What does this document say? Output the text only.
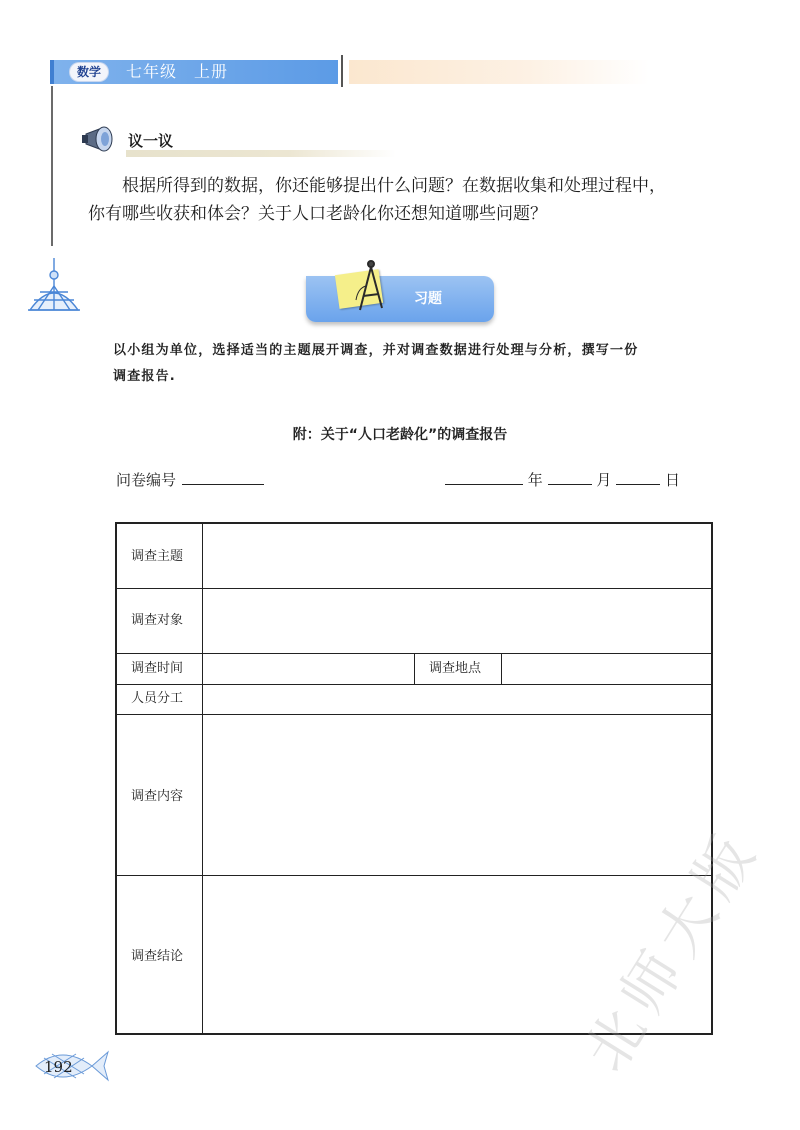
数学	七年级　上册
议一议
　　根据所得到的数据，你还能够提出什么问题？在数据收集和处理过程中，
你有哪些收获和体会？关于人口老龄化你还想知道哪些问题？
习题
以小组为单位，选择适当的主题展开调查，并对调查数据进行处理与分析，撰写一份
调查报告.
附：关于“人口老龄化”的调查报告
问卷编号	年	月	日
调查主题
调查对象
调查时间	调查地点
人员分工
调查内容
调查结论
192	北师大版
